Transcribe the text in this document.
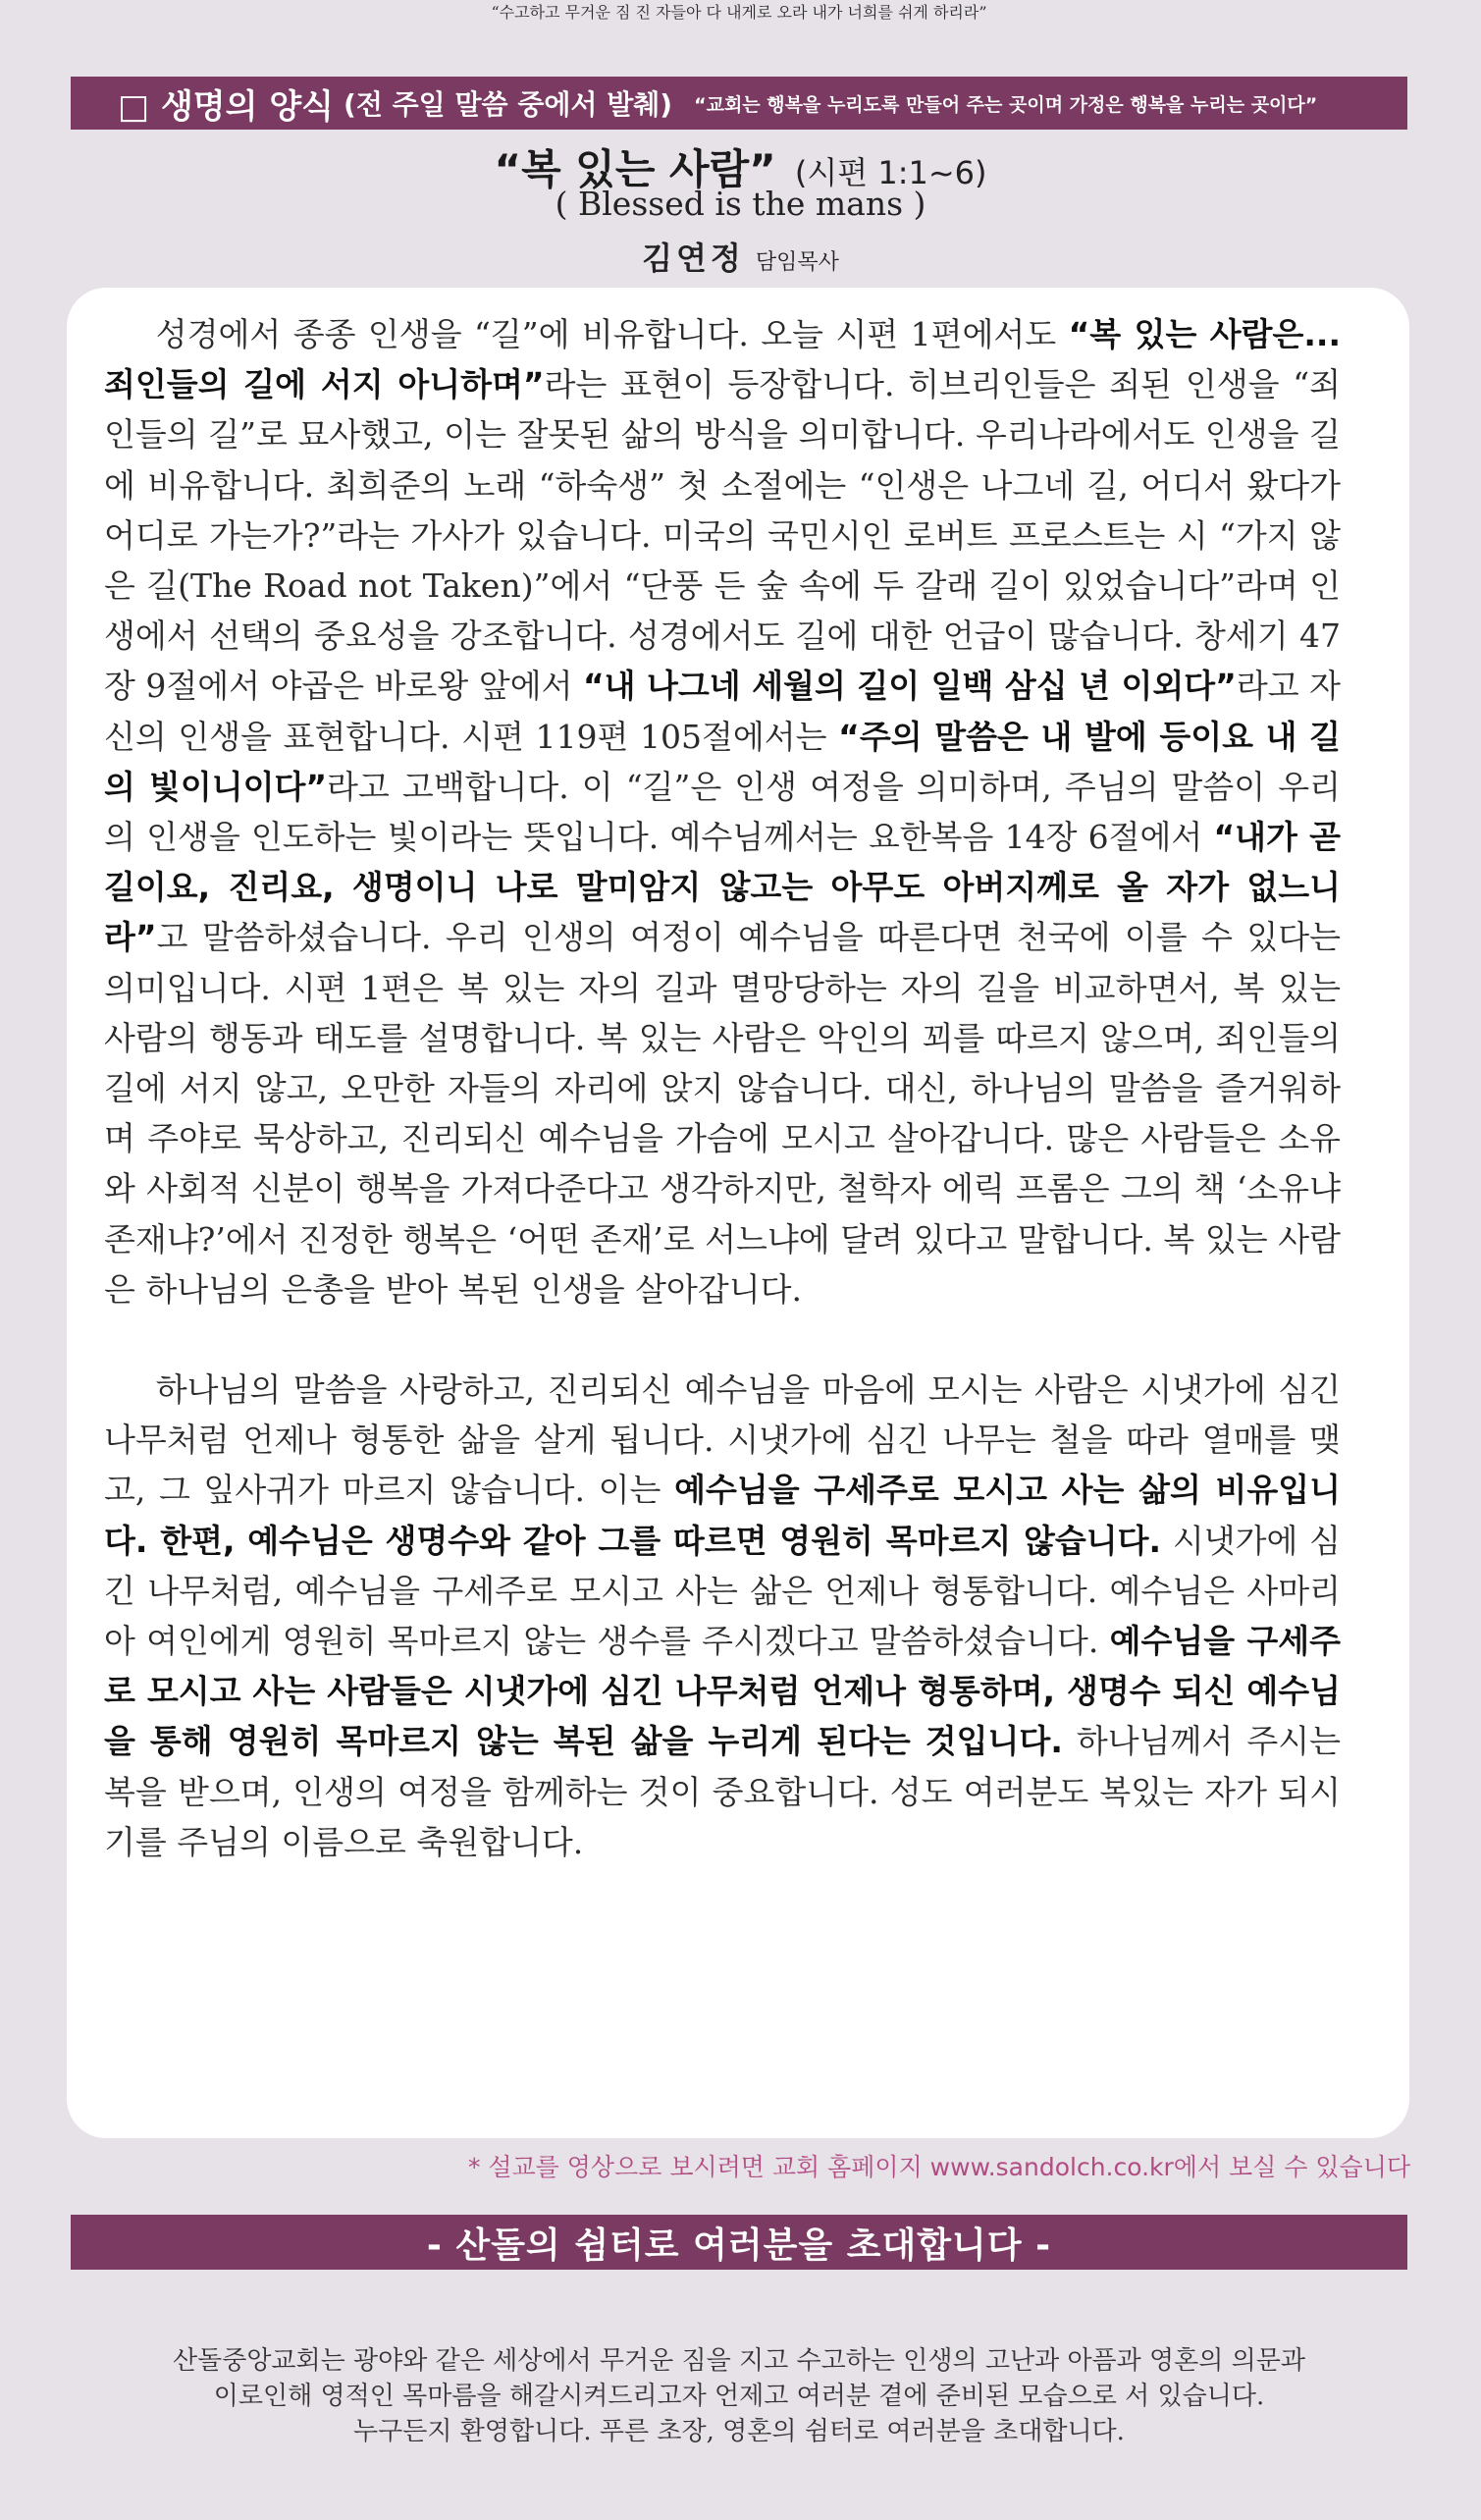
□ 생명의 양식 (전 주일 말씀 중에서 발췌) “교회는 행복을 누리도록 만들어 주는 곳이며 가정은 행복을 누리는 곳이다”
“복 있는 사람” (시편 1:1~6)
( Blessed is the mans )
김연정 담임목사

성경에서 종종 인생을 “길”에 비유합니다. 오늘 시편 1편에서도 “복 있는 사람은... 죄인들의 길에 서지 아니하며”라는 표현이 등장합니다. 히브리인들은 죄된 인생을 “죄인들의 길”로 묘사했고, 이는 잘못된 삶의 방식을 의미합니다. 우리나라에서도 인생을 길에 비유합니다. 최희준의 노래 “하숙생” 첫 소절에는 “인생은 나그네 길, 어디서 왔다가 어디로 가는가?”라는 가사가 있습니다. 미국의 국민시인 로버트 프로스트는 시 “가지 않은 길(The Road not Taken)”에서 “단풍 든 숲 속에 두 갈래 길이 있었습니다”라며 인생에서 선택의 중요성을 강조합니다. 성경에서도 길에 대한 언급이 많습니다. 창세기 47장 9절에서 야곱은 바로왕 앞에서 “내 나그네 세월의 길이 일백 삼십 년 이외다”라고 자신의 인생을 표현합니다. 시편 119편 105절에서는 “주의 말씀은 내 발에 등이요 내 길의 빛이니이다”라고 고백합니다. 이 “길”은 인생 여정을 의미하며, 주님의 말씀이 우리의 인생을 인도하는 빛이라는 뜻입니다. 예수님께서는 요한복음 14장 6절에서 “내가 곧 길이요, 진리요, 생명이니 나로 말미암지 않고는 아무도 아버지께로 올 자가 없느니라”고 말씀하셨습니다. 우리 인생의 여정이 예수님을 따른다면 천국에 이를 수 있다는 의미입니다. 시편 1편은 복 있는 자의 길과 멸망당하는 자의 길을 비교하면서, 복 있는 사람의 행동과 태도를 설명합니다. 복 있는 사람은 악인의 꾀를 따르지 않으며, 죄인들의 길에 서지 않고, 오만한 자들의 자리에 앉지 않습니다. 대신, 하나님의 말씀을 즐거워하며 주야로 묵상하고, 진리되신 예수님을 가슴에 모시고 살아갑니다. 많은 사람들은 소유와 사회적 신분이 행복을 가져다준다고 생각하지만, 철학자 에릭 프롬은 그의 책 ‘소유냐 존재냐?’에서 진정한 행복은 ‘어떤 존재’로 서느냐에 달려 있다고 말합니다. 복 있는 사람은 하나님의 은총을 받아 복된 인생을 살아갑니다.

하나님의 말씀을 사랑하고, 진리되신 예수님을 마음에 모시는 사람은 시냇가에 심긴 나무처럼 언제나 형통한 삶을 살게 됩니다. 시냇가에 심긴 나무는 철을 따라 열매를 맺고, 그 잎사귀가 마르지 않습니다. 이는 예수님을 구세주로 모시고 사는 삶의 비유입니다. 한편, 예수님은 생명수와 같아 그를 따르면 영원히 목마르지 않습니다. 시냇가에 심긴 나무처럼, 예수님을 구세주로 모시고 사는 삶은 언제나 형통합니다. 예수님은 사마리아 여인에게 영원히 목마르지 않는 생수를 주시겠다고 말씀하셨습니다. 예수님을 구세주로 모시고 사는 사람들은 시냇가에 심긴 나무처럼 언제나 형통하며, 생명수 되신 예수님을 통해 영원히 목마르지 않는 복된 삶을 누리게 된다는 것입니다. 하나님께서 주시는 복을 받으며, 인생의 여정을 함께하는 것이 중요합니다. 성도 여러분도 복있는 자가 되시기를 주님의 이름으로 축원합니다.

* 설교를 영상으로 보시려면 교회 홈페이지 www.sandolch.co.kr에서 보실 수 있습니다
- 산돌의 쉼터로 여러분을 초대합니다 -
“수고하고 무거운 짐 진 자들아 다 내게로 오라 내가 너희를 쉬게 하리라”
산돌중앙교회는 광야와 같은 세상에서 무거운 짐을 지고 수고하는 인생의 고난과 아픔과 영혼의 의문과
이로인해 영적인 목마름을 해갈시켜드리고자 언제고 여러분 곁에 준비된 모습으로 서 있습니다.
누구든지 환영합니다. 푸른 초장, 영혼의 쉼터로 여러분을 초대합니다.
